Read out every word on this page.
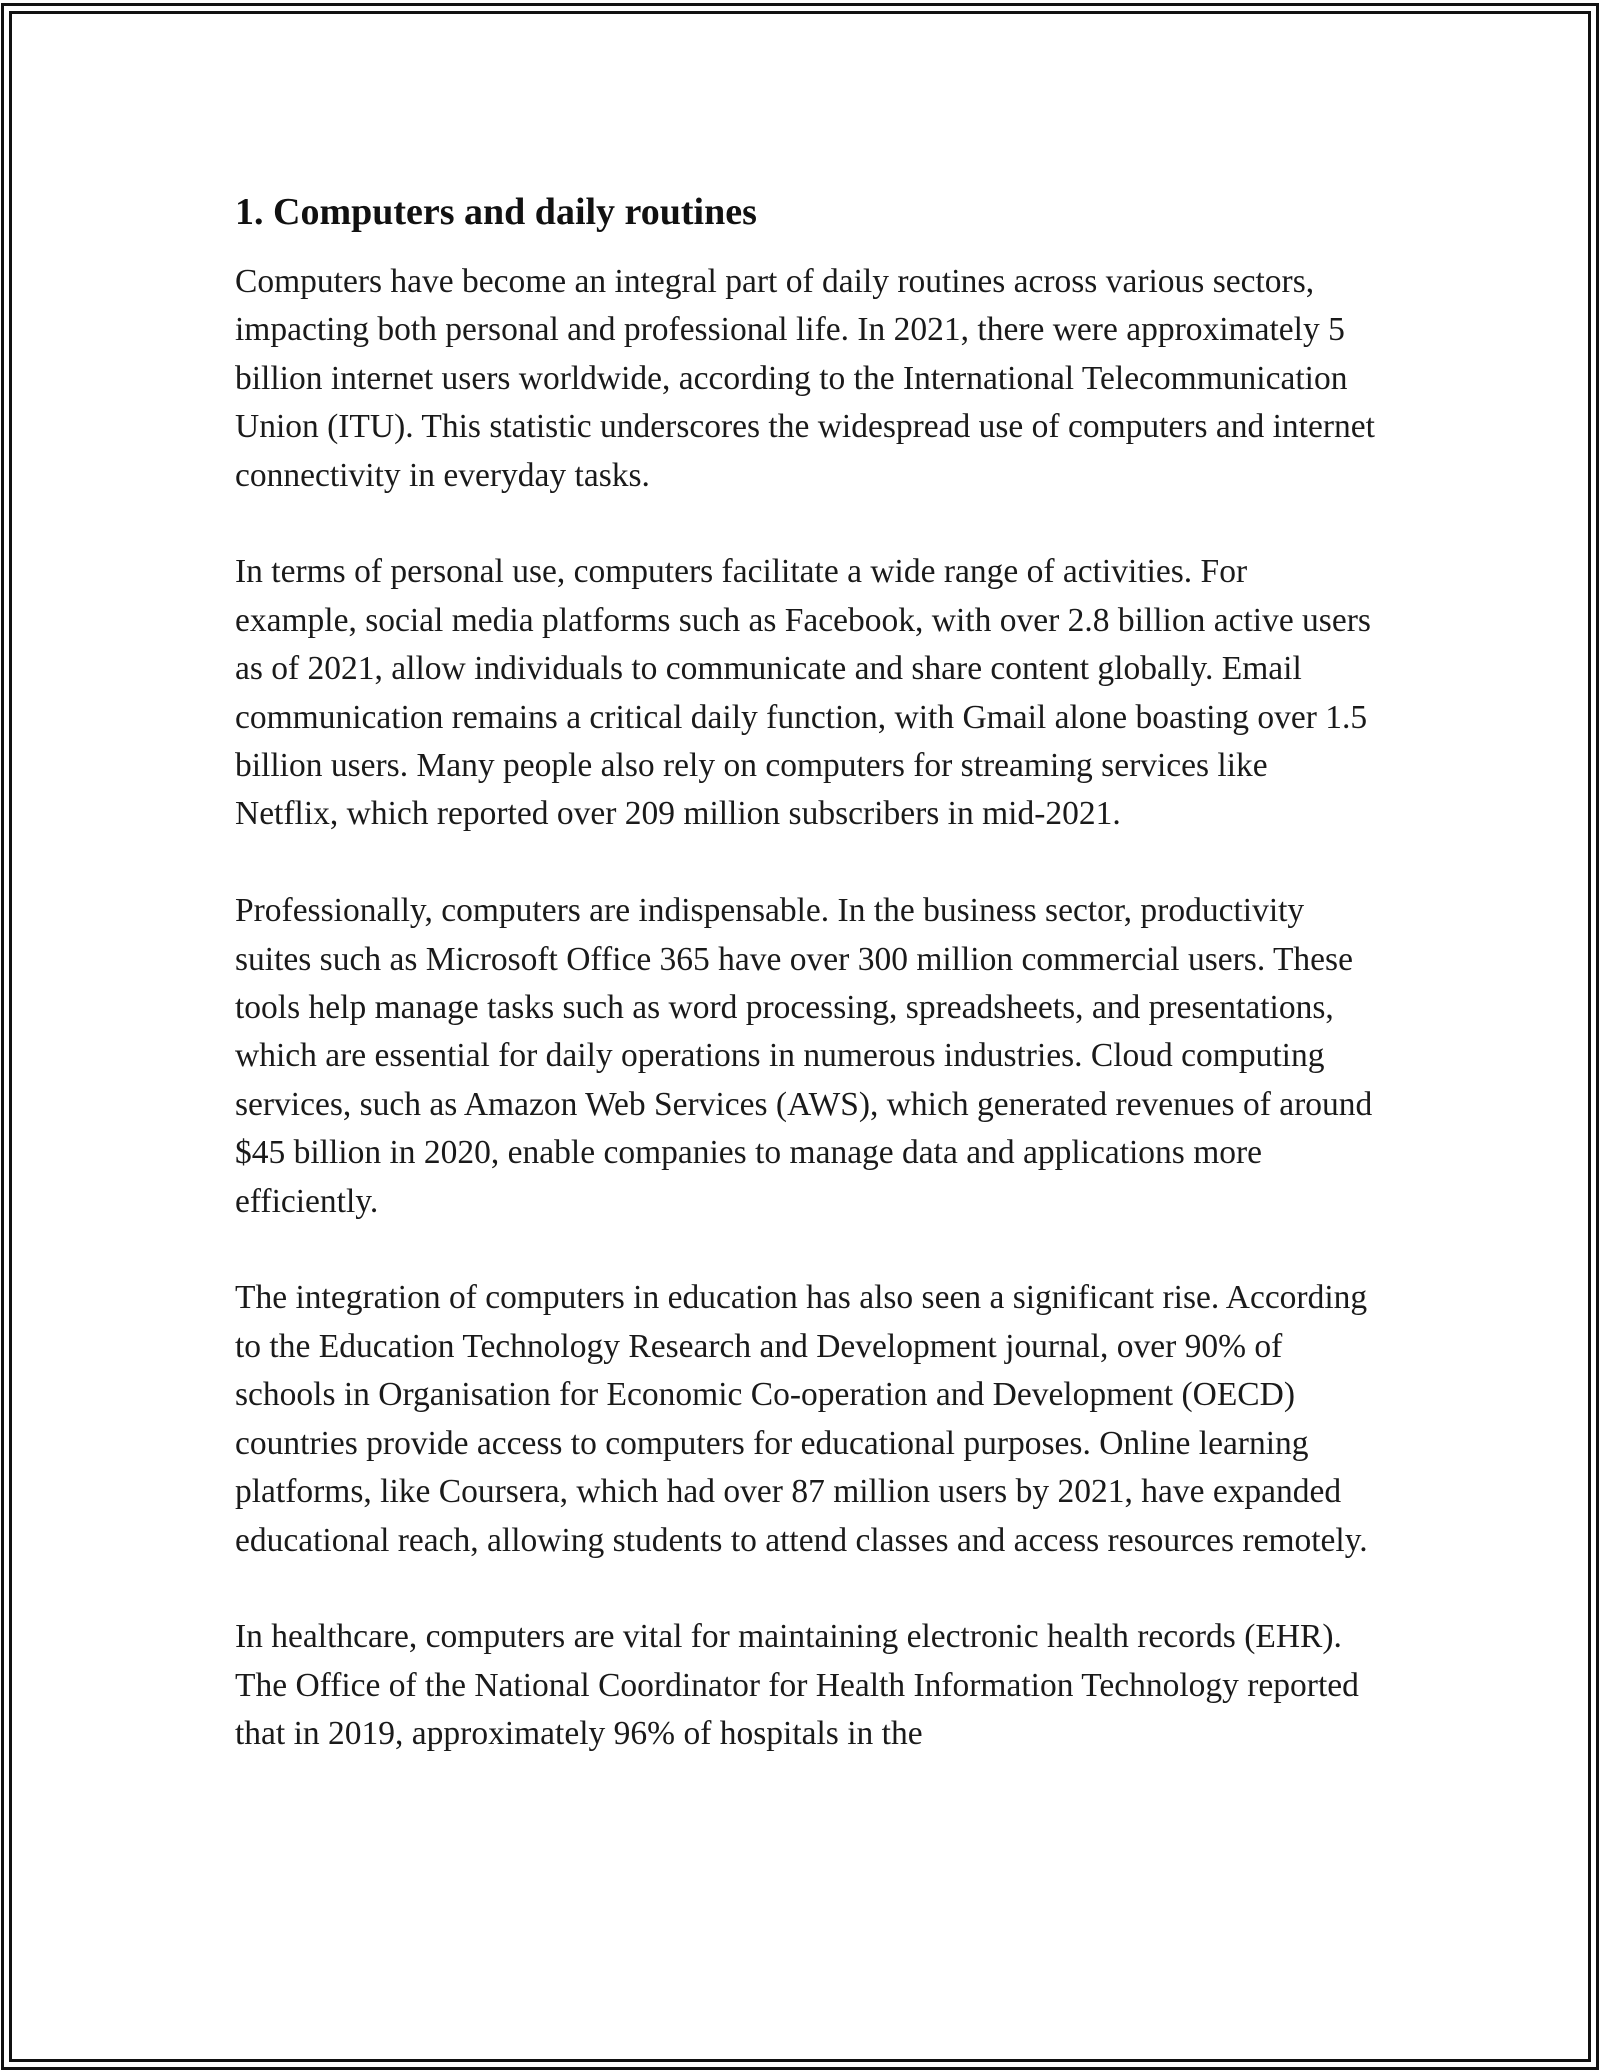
1. Computers and daily routines

Computers have become an integral part of daily routines across various sectors, impacting both personal and professional life. In 2021, there were approximately 5 billion internet users worldwide, according to the International Telecommunication Union (ITU). This statistic underscores the widespread use of computers and internet connectivity in everyday tasks.

In terms of personal use, computers facilitate a wide range of activities. For example, social media platforms such as Facebook, with over 2.8 billion active users as of 2021, allow individuals to communicate and share content globally. Email communication remains a critical daily function, with Gmail alone boasting over 1.5 billion users. Many people also rely on computers for streaming services like Netflix, which reported over 209 million subscribers in mid-2021.

Professionally, computers are indispensable. In the business sector, productivity suites such as Microsoft Office 365 have over 300 million commercial users. These tools help manage tasks such as word processing, spreadsheets, and presentations, which are essential for daily operations in numerous industries. Cloud computing services, such as Amazon Web Services (AWS), which generated revenues of around $45 billion in 2020, enable companies to manage data and applications more efficiently.

The integration of computers in education has also seen a significant rise. According to the Education Technology Research and Development journal, over 90% of schools in Organisation for Economic Co-operation and Development (OECD) countries provide access to computers for educational purposes. Online learning platforms, like Coursera, which had over 87 million users by 2021, have expanded educational reach, allowing students to attend classes and access resources remotely.

In healthcare, computers are vital for maintaining electronic health records (EHR). The Office of the National Coordinator for Health Information Technology reported that in 2019, approximately 96% of hospitals in the
